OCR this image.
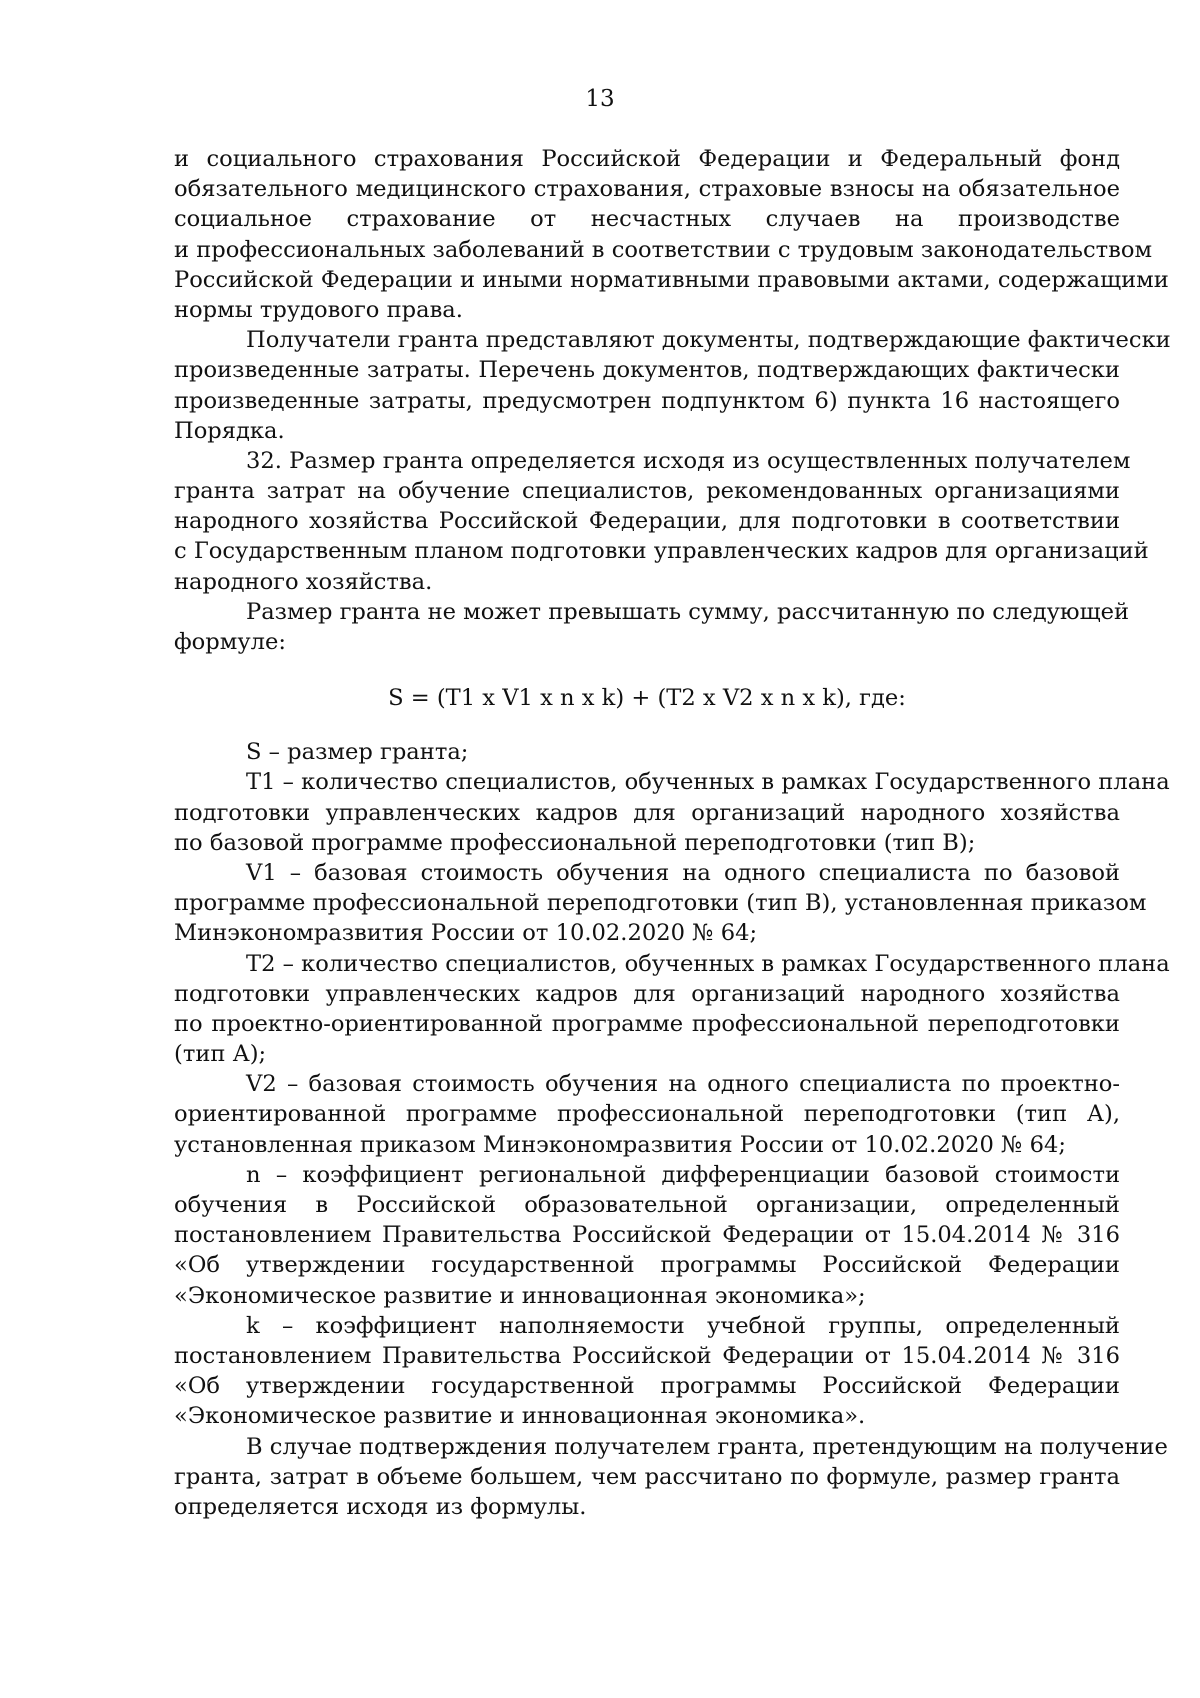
13
и социального страхования Российской Федерации и Федеральный фонд
обязательного медицинского страхования, страховые взносы на обязательное
социальное страхование от несчастных случаев на производстве
и профессиональных заболеваний в соответствии с трудовым законодательством
Российской Федерации и иными нормативными правовыми актами, содержащими
нормы трудового права.
Получатели гранта представляют документы, подтверждающие фактически
произведенные затраты. Перечень документов, подтверждающих фактически
произведенные затраты, предусмотрен подпунктом 6) пункта 16 настоящего
Порядка.
32. Размер гранта определяется исходя из осуществленных получателем
гранта затрат на обучение специалистов, рекомендованных организациями
народного хозяйства Российской Федерации, для подготовки в соответствии
с Государственным планом подготовки управленческих кадров для организаций
народного хозяйства.
Размер гранта не может превышать сумму, рассчитанную по следующей
формуле:
S = (T1 x V1 x n x k) + (T2 x V2 x n x k), где:
S – размер гранта;
T1 – количество специалистов, обученных в рамках Государственного плана
подготовки управленческих кадров для организаций народного хозяйства
по базовой программе профессиональной переподготовки (тип B);
V1 – базовая стоимость обучения на одного специалиста по базовой
программе профессиональной переподготовки (тип B), установленная приказом
Минэкономразвития России от 10.02.2020 № 64;
T2 – количество специалистов, обученных в рамках Государственного плана
подготовки управленческих кадров для организаций народного хозяйства
по проектно-ориентированной программе профессиональной переподготовки
(тип А);
V2 – базовая стоимость обучения на одного специалиста по проектно-
ориентированной программе профессиональной переподготовки (тип А),
установленная приказом Минэкономразвития России от 10.02.2020 № 64;
n – коэффициент региональной дифференциации базовой стоимости
обучения в Российской образовательной организации, определенный
постановлением Правительства Российской Федерации от 15.04.2014 № 316
«Об утверждении государственной программы Российской Федерации
«Экономическое развитие и инновационная экономика»;
k – коэффициент наполняемости учебной группы, определенный
постановлением Правительства Российской Федерации от 15.04.2014 № 316
«Об утверждении государственной программы Российской Федерации
«Экономическое развитие и инновационная экономика».
В случае подтверждения получателем гранта, претендующим на получение
гранта, затрат в объеме большем, чем рассчитано по формуле, размер гранта
определяется исходя из формулы.
